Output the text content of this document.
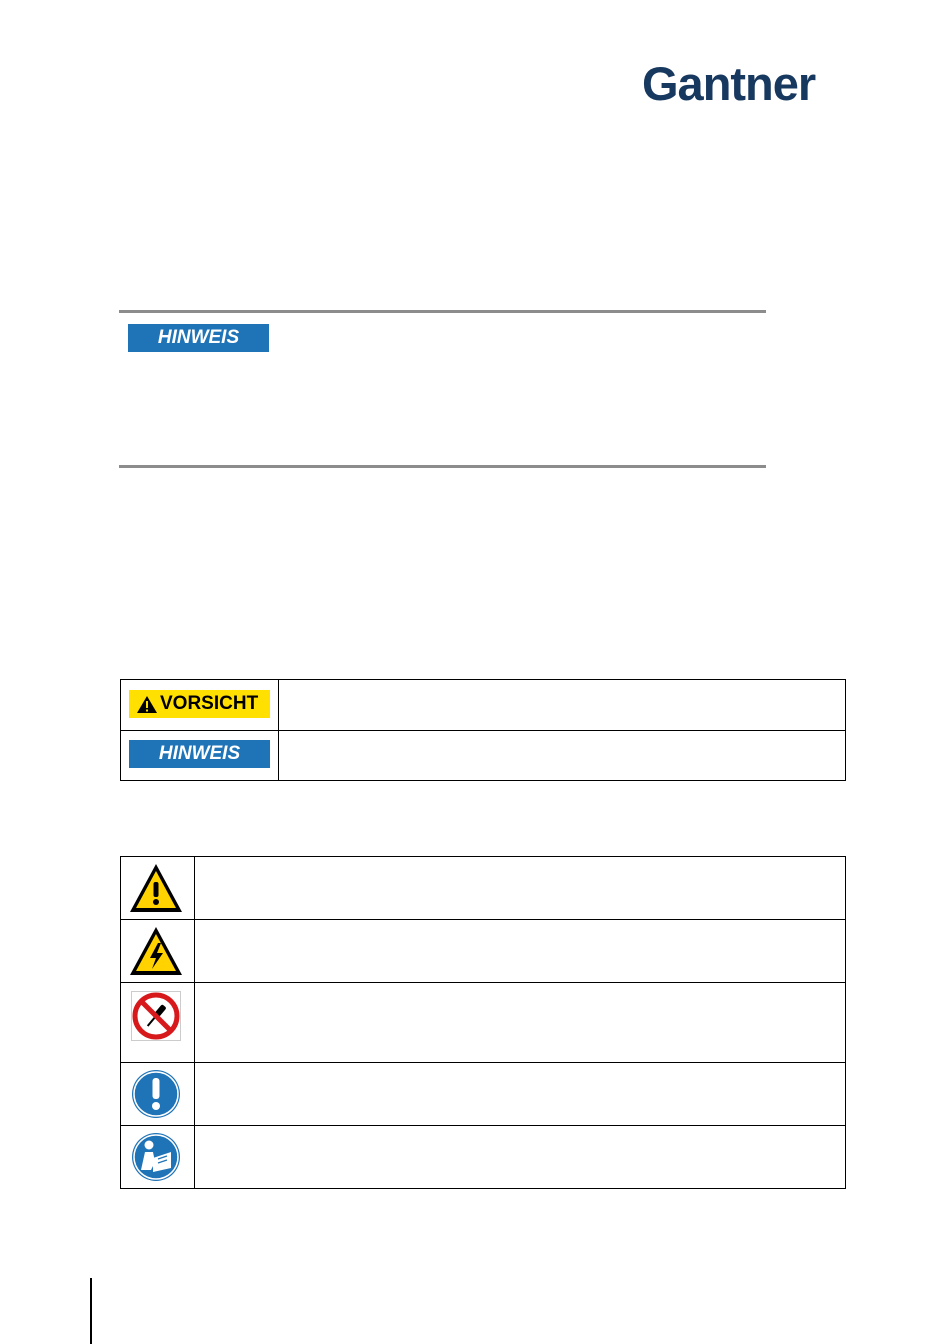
Gantner
HINWEIS
VORSICHT	

HINWEIS	
